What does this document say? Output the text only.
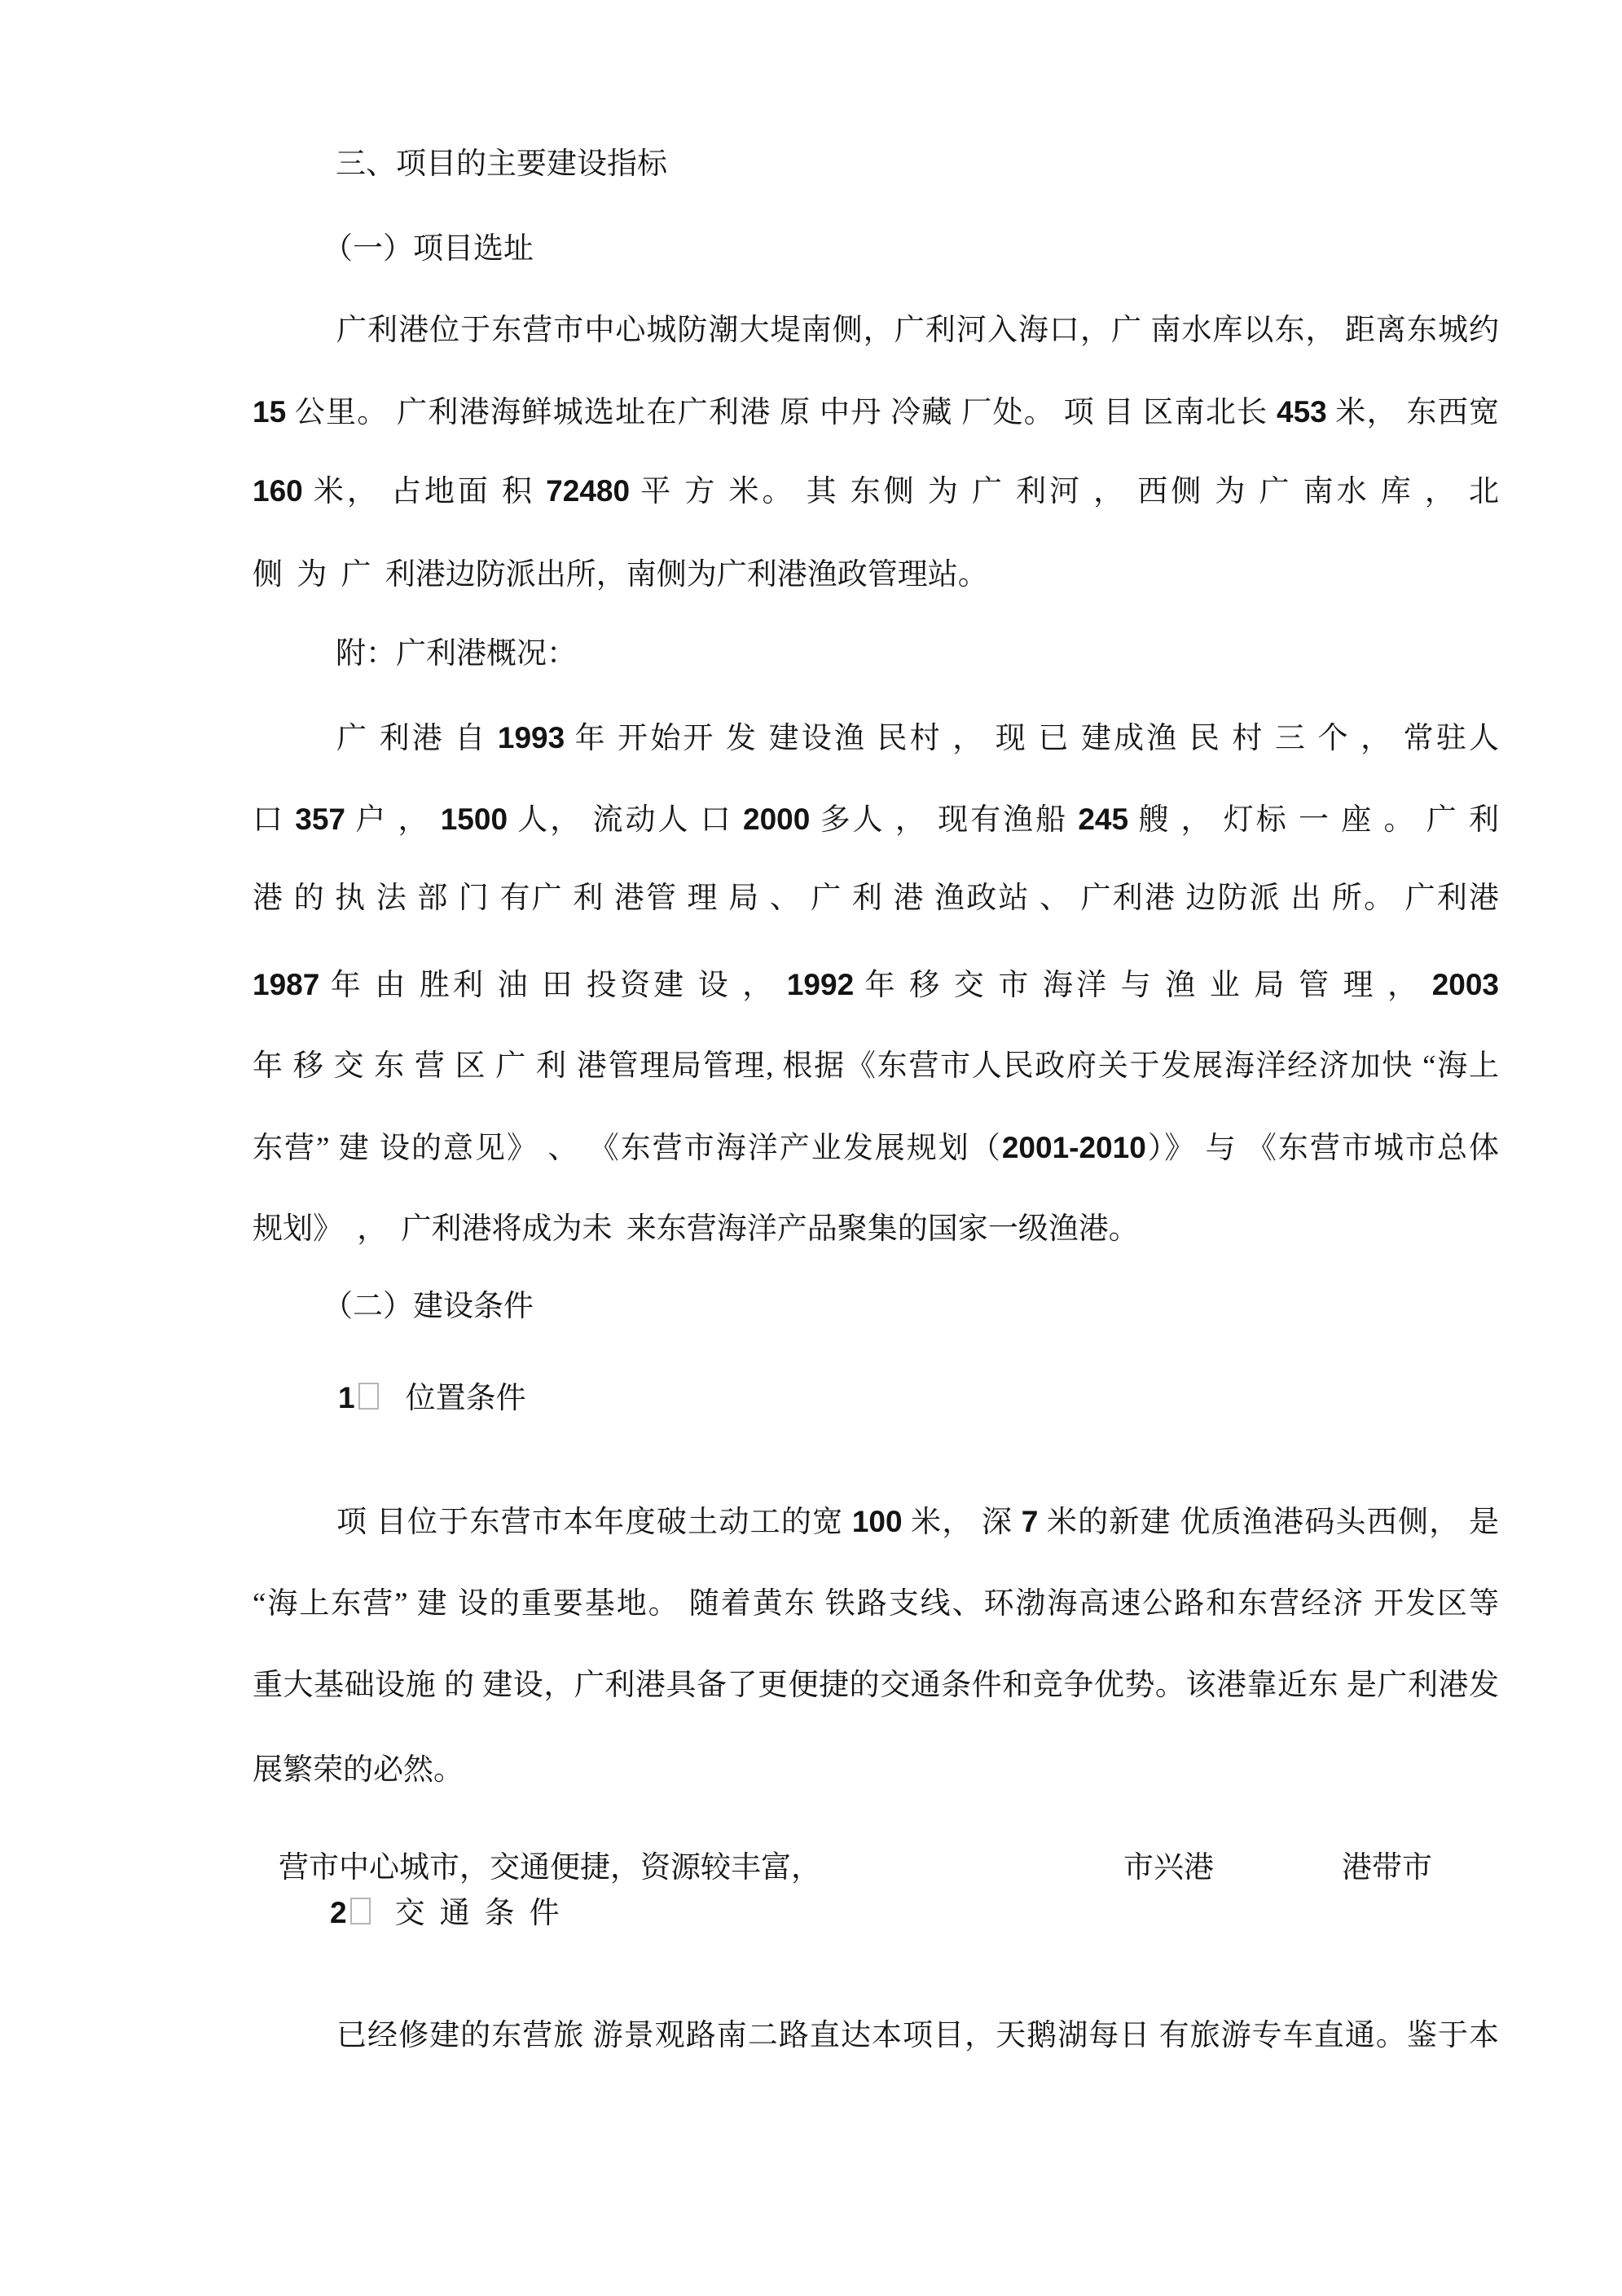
三、项目的主要建设指标
（一）项目选址
广利港位于东营市中心城防潮大堤南侧，广利河入海口，广 南水库以东， 距离东城约
15 公里。 广利港海鲜城选址在广利港 原 中丹 冷藏 厂处。 项 目 区南北长 453 米， 东西宽
160 米， 占地面 积 72480 平 方 米。 其 东侧 为 广 利河 ， 西侧 为 广 南水 库 ， 北
侧 为 广 利港边防派出所，南侧为广利港渔政管理站。
附：广利港概况：
广 利港 自 1993 年 开始开 发 建设渔 民村 ， 现 已 建成渔 民 村 三 个 ， 常驻人
口 357 户 ， 1500 人， 流动人 口 2000 多人 ， 现有渔船 245 艘 ， 灯标 一 座 。 广 利
港 的 执 法 部 门 有广 利 港管 理 局 、 广 利 港 渔政站 、 广利港 边防派 出 所。 广利港
1987 年 由 胜利 油 田 投资建 设 ， 1992 年 移 交 市 海洋 与 渔 业 局 管 理 ， 2003
年 移 交 东 营 区 广 利 港管理局管理, 根据《东营市人民政府关于发展海洋经济加快 “海上
东营” 建 设的意见》 、 《东营市海洋产业发展规划（2001-2010）》 与 《东营市城市总体
规划》 ， 广利港将成为未 来东营海洋产品聚集的国家一级渔港。
（二）建设条件
1 位置条件
项 目位于东营市本年度破土动工的宽 100 米， 深 7 米的新建 优质渔港码头西侧， 是
“海上东营” 建 设的重要基地。 随着黄东 铁路支线、环渤海高速公路和东营经济 开发区等
重大基础设施 的 建设，广利港具备了更便捷的交通条件和竞争优势。该港靠近东 是广利港发
展繁荣的必然。
营市中心城市，交通便捷，资源较丰富，	市兴港	港带市
2 交通条件
已经修建的东营旅 游景观路南二路直达本项目，天鹅湖每日 有旅游专车直通。鉴于本
